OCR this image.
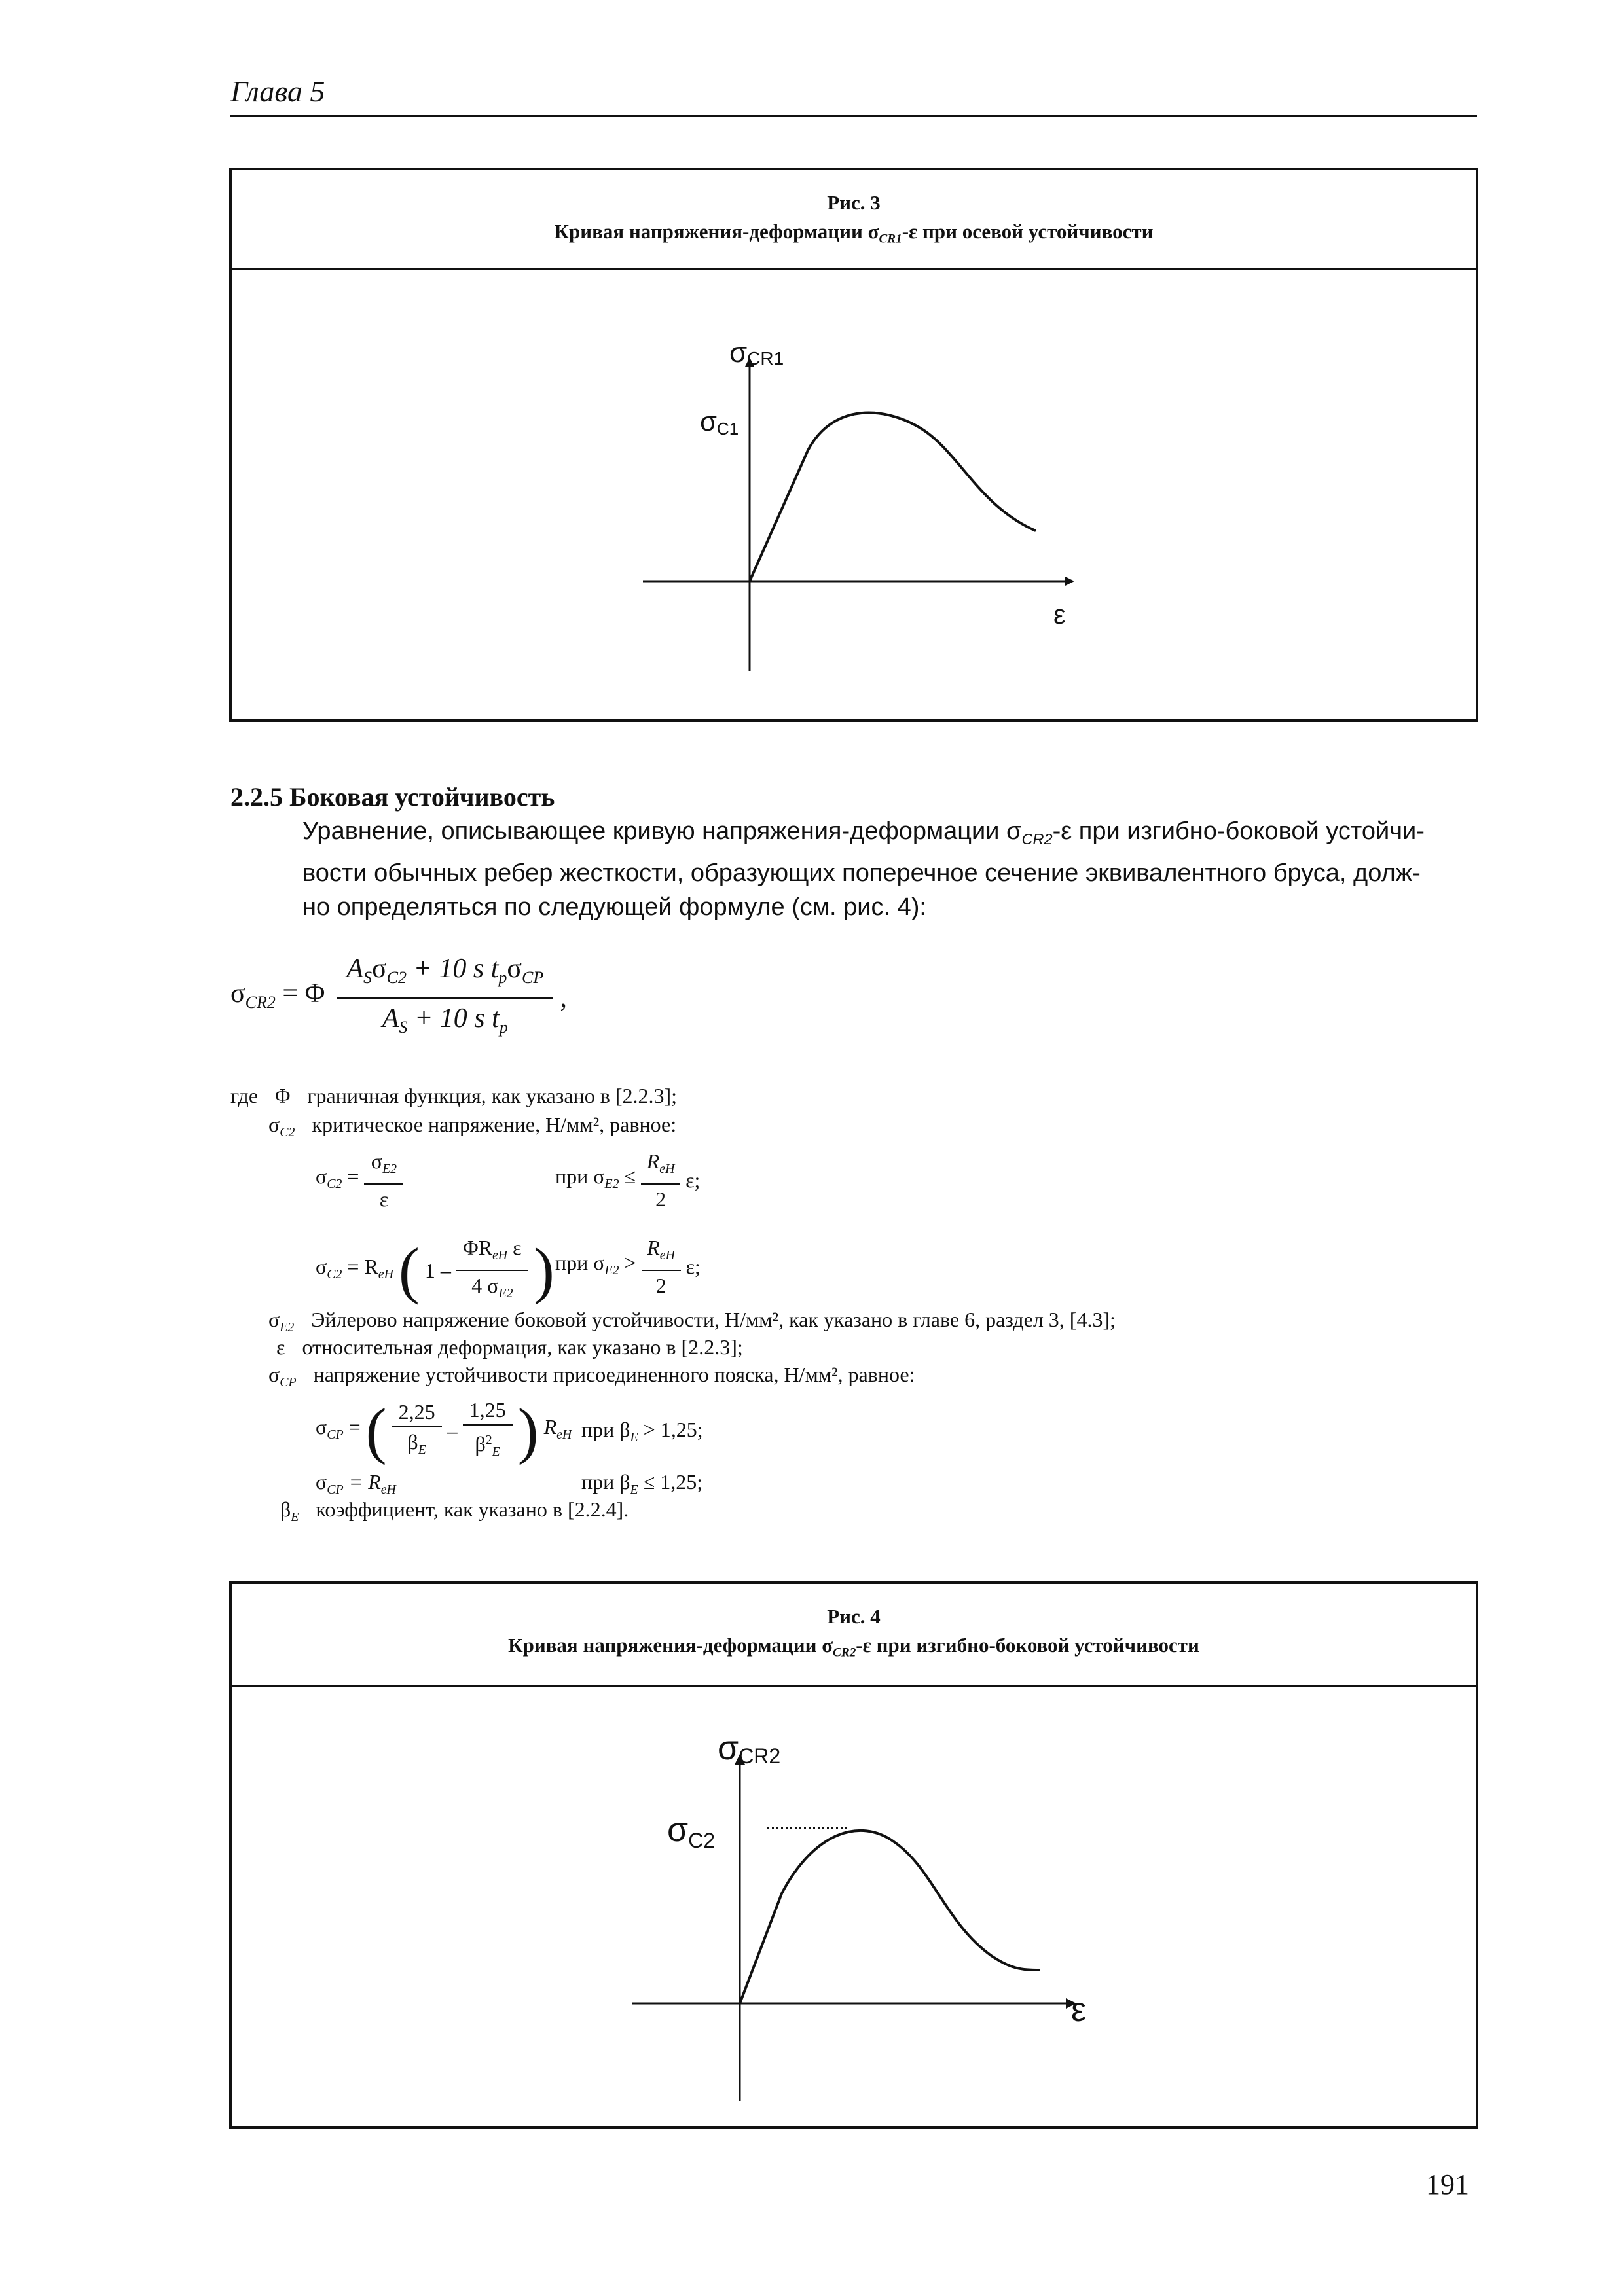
Глава 5
Рис. 3
Кривая напряжения-деформации $\sigma_{CR1}-\varepsilon$ при осевой устойчивости
σCR1
σC1
ε
2.2.5 Боковая устойчивость
Уравнение, описывающее кривую напряжения-деформации $\sigma_{CR2}-\varepsilon$ при изгибно-боковой устойчи-
вости обычных ребер жесткости, образующих поперечное сечение эквивалентного бруса, долж-
но определяться по следующей формуле (см. рис. 4):
$\sigma_{CR2} = \Phi \frac{A_S\sigma_{C2} + 10 s t_p\sigma_{CP}}{A_S + 10 s t_p}$ ,
где Φ граничная функция, как указано в [2.2.3];
$\sigma_{C2}$ критическое напряжение, Н/мм², равное:
$\sigma_{C2} = \frac{\sigma_{E2}}{\varepsilon}$	при $\sigma_{E2} \le \frac{R_{eH}}{2} \varepsilon$;
$\sigma_{C2} = R_{eH}$ ( $1 - \frac{\Phi R_{eH} \varepsilon}{4 \sigma_{E2}}$ ) при $\sigma_{E2} > \frac{R_{eH}}{2} \varepsilon$;
$\sigma_{E2}$ Эйлерово напряжение боковой устойчивости, Н/мм², как указано в главе 6, раздел 3, [4.3];
ε относительная деформация, как указано в [2.2.3];
$\sigma_{CP}$ напряжение устойчивости присоединенного пояска, Н/мм², равное:
$\sigma_{CP}$ = ( $\frac{2,25}{\beta_E} - \frac{1,25}{\beta^2_E}$ ) $R_{eH}$ при $\beta_E > 1,25$;
$\sigma_{CP} = R_{eH}$	при $\beta_E \le 1,25$;
$\beta_E$ коэффициент, как указано в [2.2.4].
Рис. 4
Кривая напряжения-деформации $\sigma_{CR2}-\varepsilon$ при изгибно-боковой устойчивости
σCR2
σC2
ε
191
